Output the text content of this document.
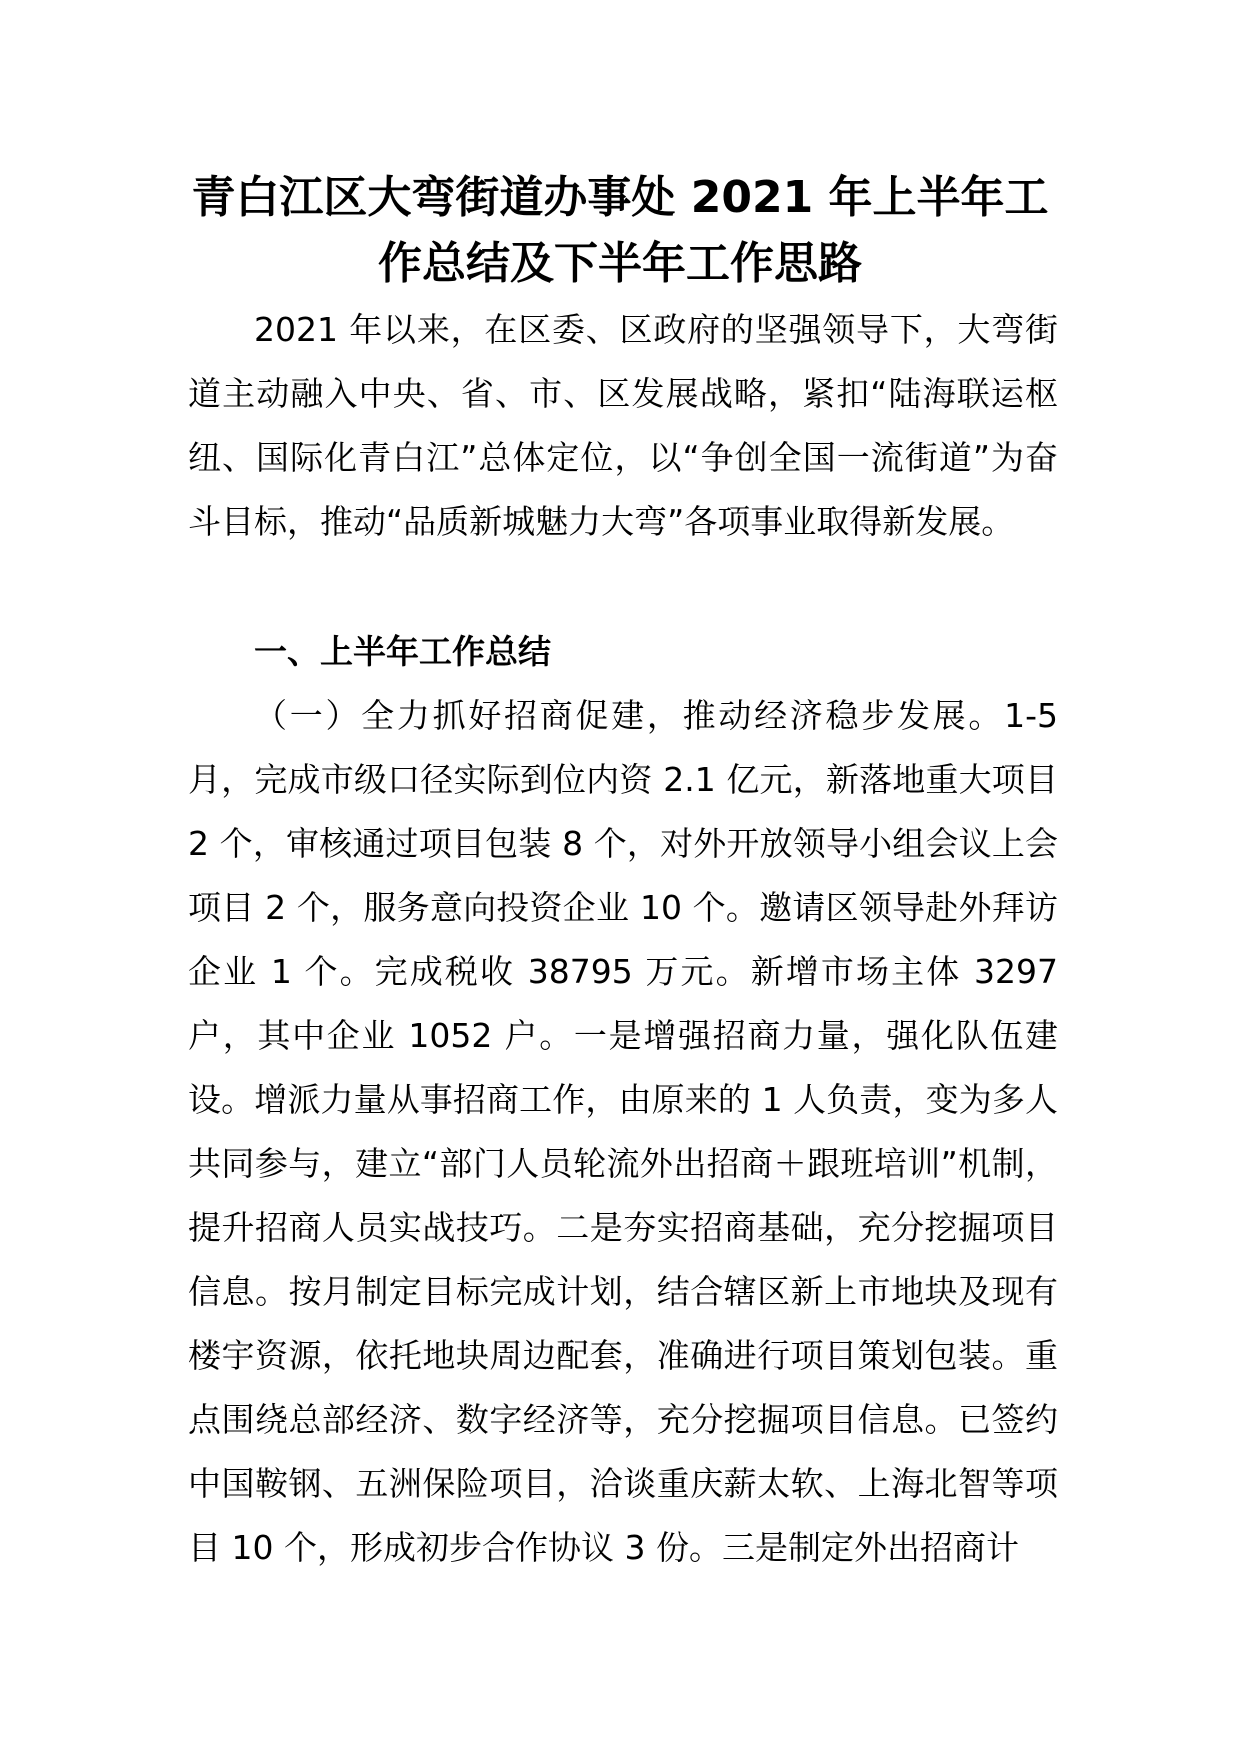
青白江区大弯街道办事处 2021 年上半年工
作总结及下半年工作思路

2021 年以来，在区委、区政府的坚强领导下，大弯街道主动融入中央、省、市、区发展战略，紧扣“陆海联运枢纽、国际化青白江”总体定位，以“争创全国一流街道”为奋斗目标，推动“品质新城魅力大弯”各项事业取得新发展。

一、上半年工作总结

（一）全力抓好招商促建，推动经济稳步发展。1-5 月，完成市级口径实际到位内资 2.1 亿元，新落地重大项目 2 个，审核通过项目包装 8 个，对外开放领导小组会议上会项目 2 个，服务意向投资企业 10 个。邀请区领导赴外拜访企业 1 个。完成税收 38795 万元。新增市场主体 3297 户，其中企业 1052 户。一是增强招商力量，强化队伍建设。增派力量从事招商工作，由原来的 1 人负责，变为多人共同参与，建立“部门人员轮流外出招商＋跟班培训”机制，提升招商人员实战技巧。二是夯实招商基础，充分挖掘项目信息。按月制定目标完成计划，结合辖区新上市地块及现有楼宇资源，依托地块周边配套，准确进行项目策划包装。重点围绕总部经济、数字经济等，充分挖掘项目信息。已签约中国鞍钢、五洲保险项目，洽谈重庆薪太软、上海北智等项目 10 个，形成初步合作协议 3 份。三是制定外出招商计
